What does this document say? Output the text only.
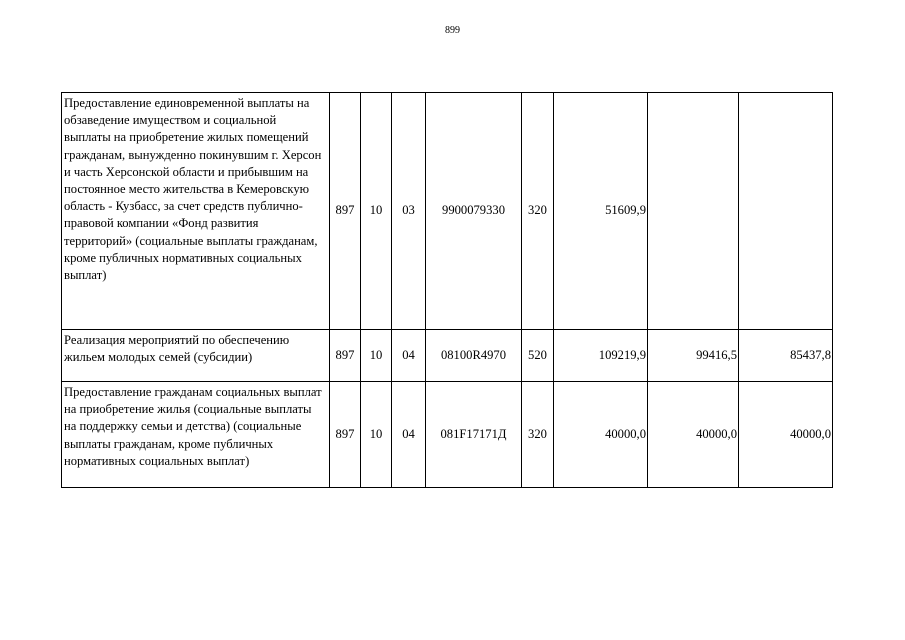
899
Предоставление единовременной выплаты на обзаведение имуществом и социальной выплаты на приобретение жилых помещений гражданам, вынужденно покинувшим г. Херсон и часть Херсонской области и прибывшим на постоянное место жительства в Кемеровскую область - Кузбасс, за счет средств публично-правовой компании «Фонд развития территорий» (социальные выплаты гражданам, кроме публичных нормативных социальных выплат)	897	10	03	9900079330	320	51609,9		

Реализация мероприятий по обеспечению жильем молодых семей (субсидии)	897	10	04	08100R4970	520	109219,9	99416,5	85437,8

Предоставление гражданам социальных выплат на приобретение жилья (социальные выплаты на поддержку семьи и детства) (социальные выплаты гражданам, кроме публичных нормативных социальных выплат)	897	10	04	081F17171Д	320	40000,0	40000,0	40000,0
